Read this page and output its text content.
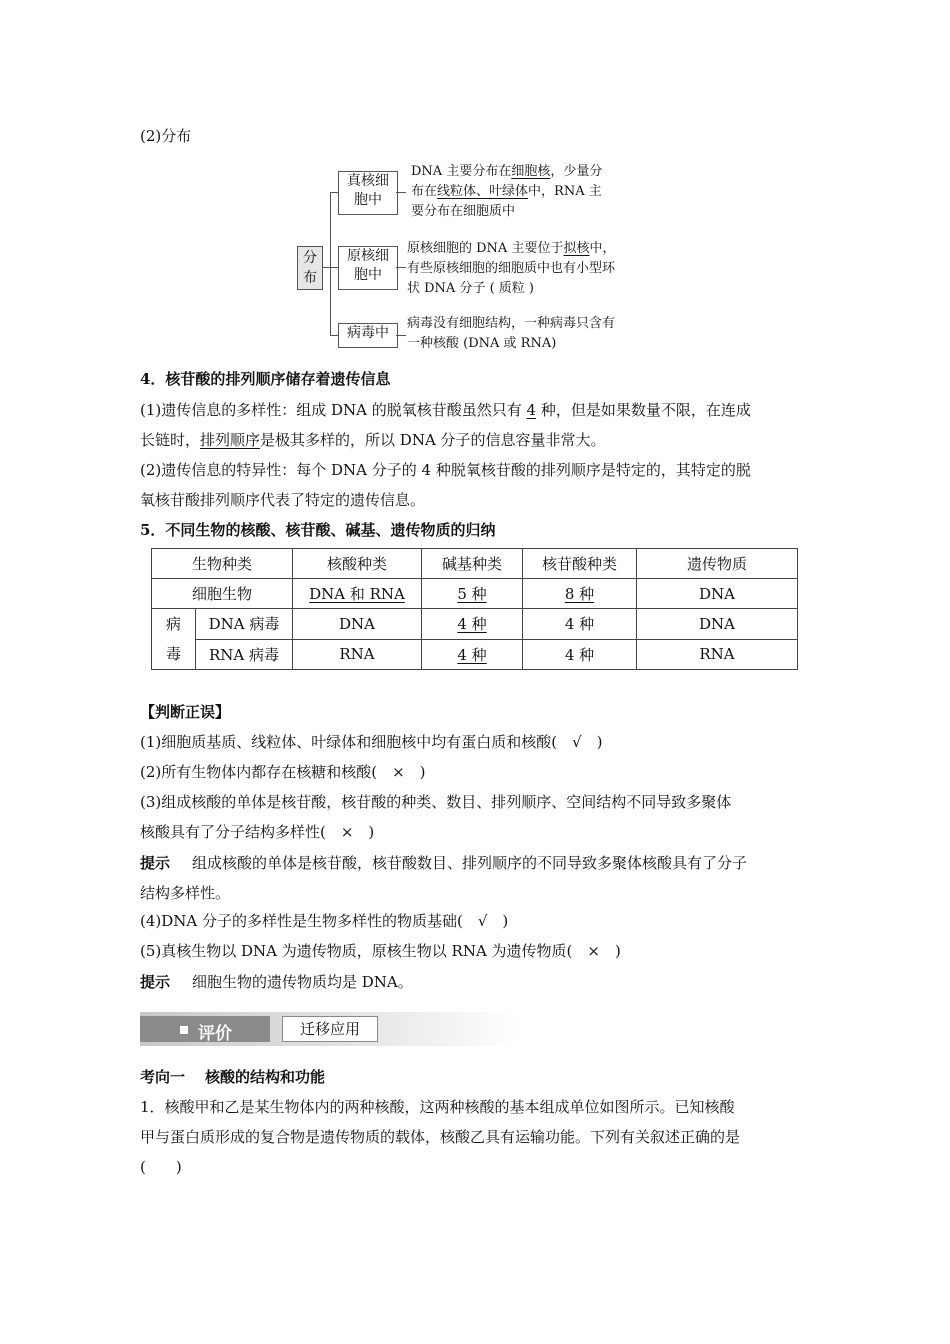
(2)分布
分布
真核细
胞中
DNA 主要分布在细胞核，少量分
布在线粒体、叶绿体中，RNA 主
要分布在细胞质中
原核细
胞中
原核细胞的 DNA 主要位于拟核中，
有些原核细胞的细胞质中也有小型环
状 DNA 分子 ( 质粒 )
病毒中
病毒没有细胞结构，一种病毒只含有
一种核酸 (DNA 或 RNA)
4．核苷酸的排列顺序储存着遗传信息
(1)遗传信息的多样性：组成 DNA 的脱氧核苷酸虽然只有 4 种，但是如果数量不限，在连成
长链时，排列顺序是极其多样的，所以 DNA 分子的信息容量非常大。
(2)遗传信息的特异性：每个 DNA 分子的 4 种脱氧核苷酸的排列顺序是特定的，其特定的脱
氧核苷酸排列顺序代表了特定的遗传信息。
5．不同生物的核酸、核苷酸、碱基、遗传物质的归纳
生物种类		核酸种类	碱基种类	核苷酸种类	遗传物质
细胞生物		DNA 和 RNA	5 种	8 种	DNA

病
毒	DNA 病毒	DNA	4 种	4 种	DNA
	RNA 病毒	RNA	4 种	4 种	RNA
【判断正误】
(1)细胞质基质、线粒体、叶绿体和细胞核中均有蛋白质和核酸(　√　)
(2)所有生物体内都存在核糖和核酸(　×　)
(3)组成核酸的单体是核苷酸，核苷酸的种类、数目、排列顺序、空间结构不同导致多聚体
核酸具有了分子结构多样性(　×　)
提示 组成核酸的单体是核苷酸，核苷酸数目、排列顺序的不同导致多聚体核酸具有了分子
结构多样性。
(4)DNA 分子的多样性是生物多样性的物质基础(　√　)
(5)真核生物以 DNA 为遗传物质，原核生物以 RNA 为遗传物质(　×　)
提示 细胞生物的遗传物质均是 DNA。
评价	迁移应用
考向一 核酸的结构和功能
1．核酸甲和乙是某生物体内的两种核酸，这两种核酸的基本组成单位如图所示。已知核酸
甲与蛋白质形成的复合物是遗传物质的载体，核酸乙具有运输功能。下列有关叙述正确的是
(　　)
